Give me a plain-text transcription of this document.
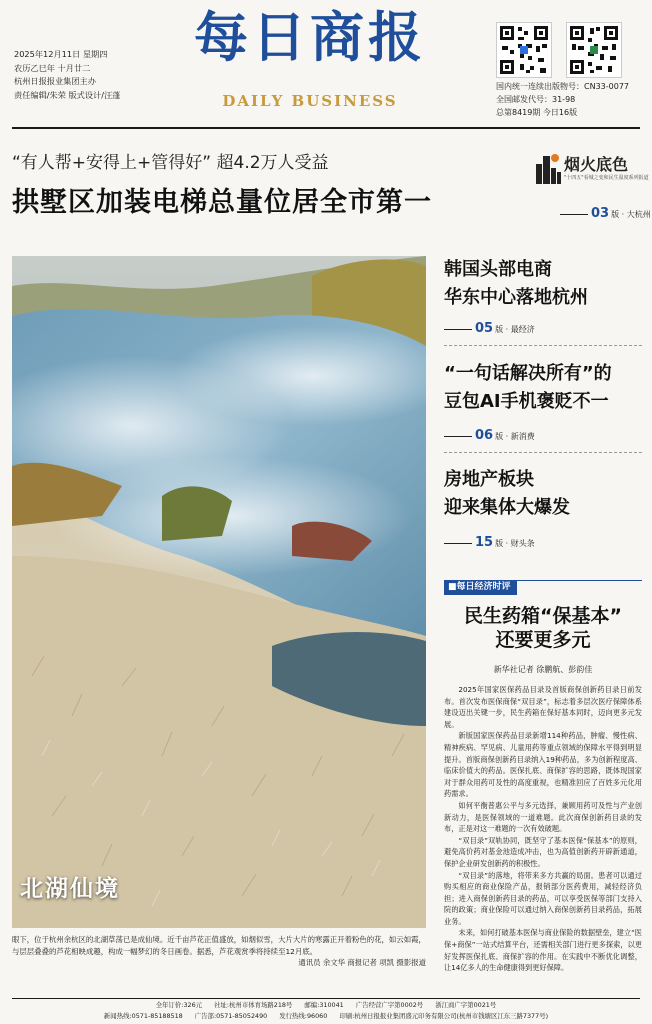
2025年12月11日 星期四
农历乙巳年 十月廿二
杭州日报报业集团主办
责任编辑/朱荣 版式设计/汪蓬
每日商报
DAILY BUSINESS
国内统一连续出版物号：CN33-0077
全国邮发代号：31-98
总第8419期 今日16版
“有人帮+安得上+管得好” 超4.2万人受益
拱墅区加装电梯总量位居全市第一
烟火底色
"十四五"看城之变和民生温度系列报道
03 版 · 大杭州
北湖仙境
眼下，位于杭州余杭区的北湖草荡已是成仙境。近千亩芦花正值盛放，如烟似雪，大片大片的寒露正开着粉色的花，如云如霞，与层层叠叠的芦花相映成趣，构成一幅梦幻的冬日画卷。据悉，芦花观赏季将持续至12月底。
通讯员 余文华 商报记者 项凯 摄影报道
韩国头部电商
华东中心落地杭州
05 版 · 最经济
“一句话解决所有”的
豆包AI手机褒贬不一
06 版 · 新消费
房地产板块
迎来集体大爆发
15 版 · 财头条
■每日经济时评
民生药箱“保基本”
还要更多元
新华社记者 徐鹏航、彭韵佳

2025年国家医保药品目录及首版商保创新药目录日前发布。首次发布医保商保“双目录”，标志着多层次医疗保障体系建设迈出关键一步，民生药箱在保好基本同时，迈向更多元发展。

新版国家医保药品目录新增114种药品，肿瘤、慢性病、精神疾病、罕见病、儿童用药等重点领域的保障水平得到明显提升。首版商保创新药目录纳入19种药品，多为创新程度高、临床价值大的药品。医保扎底、商保扩容的思路，既体现国家对于群众用药可及性的高度重视，也精准回应了百姓多元化用药需求。

如何平衡普惠公平与多元选择，兼顾用药可及性与产业创新动力，是医保领域的一道难题。此次商保创新药目录的发布，正是对这一难题的一次有效破题。

“双目录”双轨协同，既坚守了基本医保“保基本”的原则，避免高价药对基金池造成冲击，也为高值创新药开辟新通道，保护企业研发创新药的积极性。

“双目录”的落地，将带来多方共赢的局面。患者可以通过购买相应的商业保险产品，报销部分医药费用，减轻经济负担；进入商保创新药目录的药品，可以享受医保等部门支持入院的政策；商业保险可以通过纳入商保创新药目录药品，拓展业务。

未来，如何打破基本医保与商业保险的数据壁垒，建立“医保+商保”一站式结算平台，还需相关部门进行更多探索，以更好发挥医保扎底、商保扩容的作用。在实践中不断优化调整，让14亿多人的生命健康得到更好保障。

全年订价:326元 社址:杭州市体育场路218号 邮编:310041 广告经营广字第0002号 浙江商广字第0021号
新闻热线:0571-85188518 广告部:0571-85052490 发行热线:96060 印刷:杭州日报报业集团盛元印务有限公司(杭州市钱塘区江东三路7377号)
